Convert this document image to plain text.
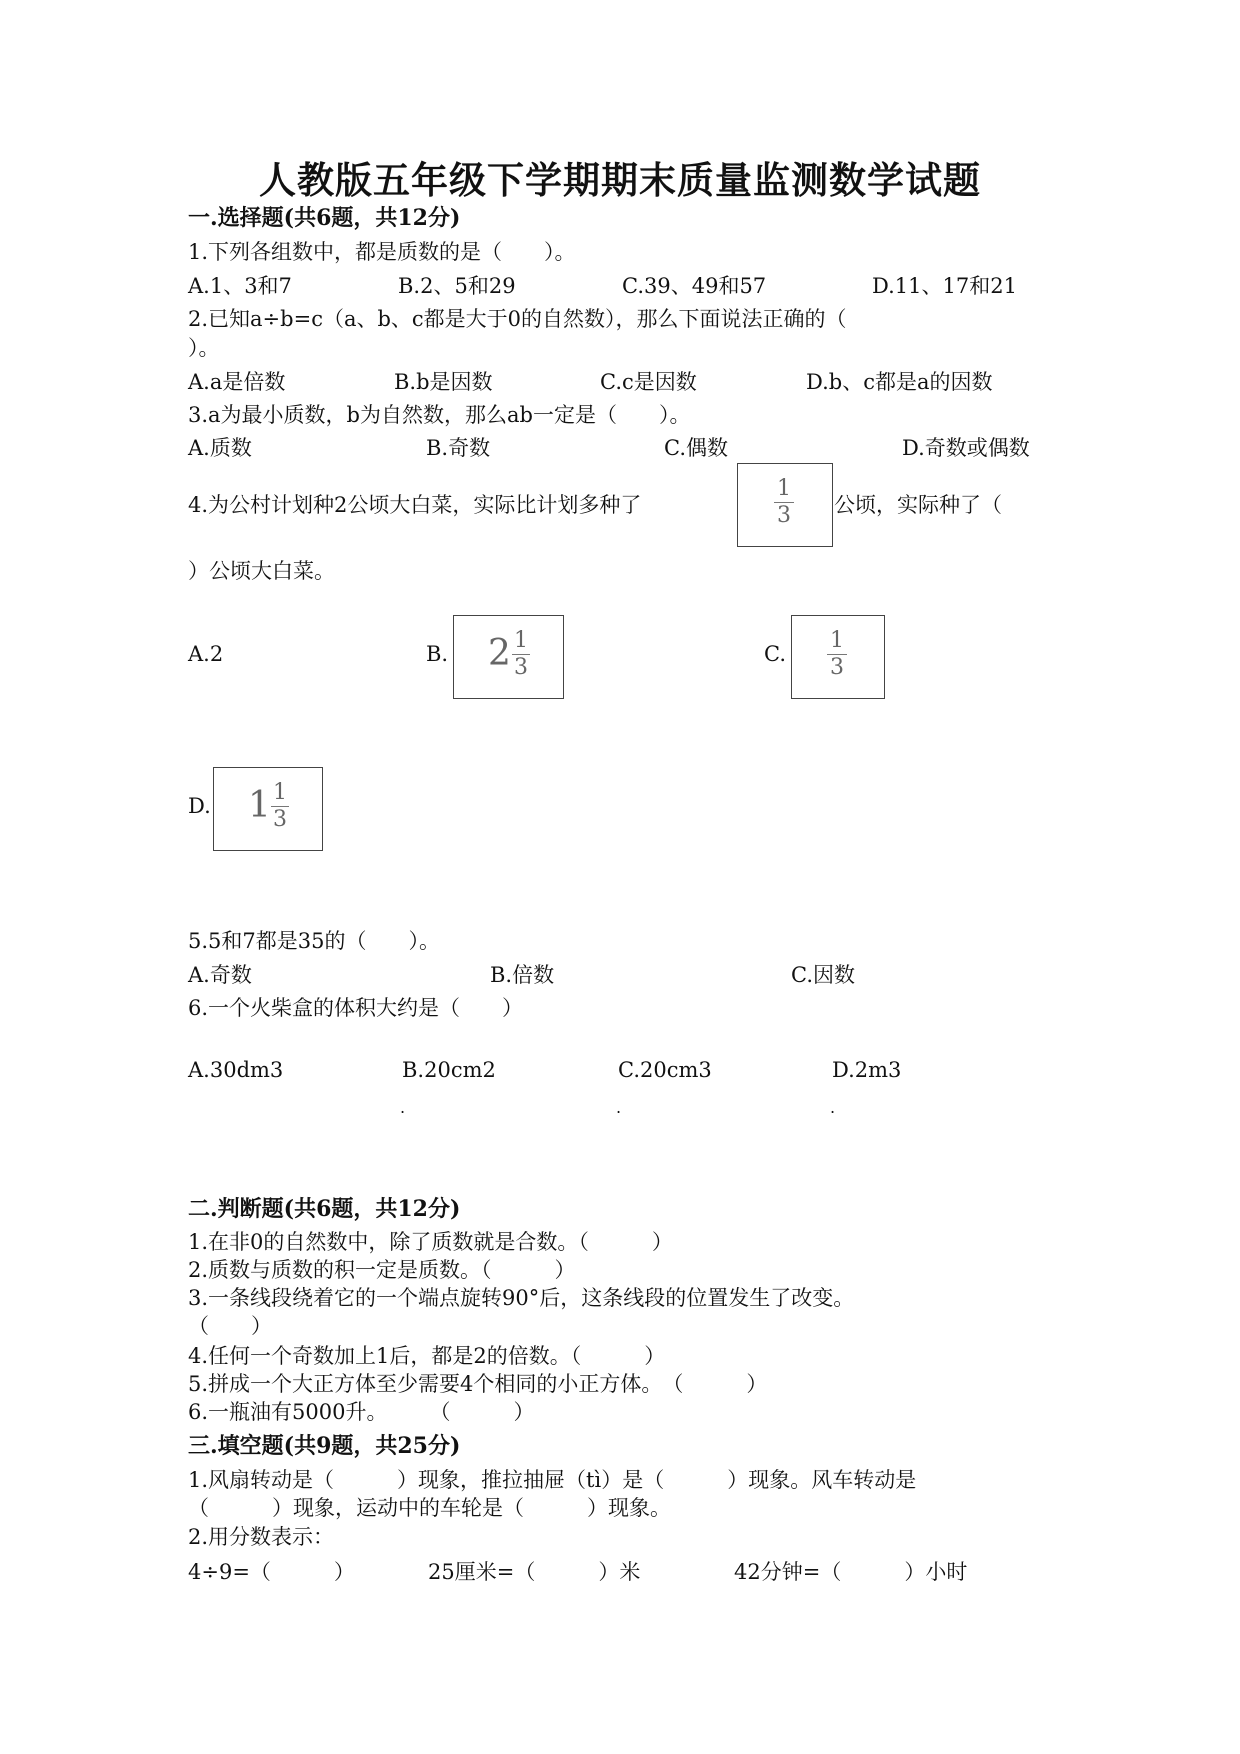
人教版五年级下学期期末质量监测数学试题
一.选择题(共6题，共12分)
1.下列各组数中，都是质数的是（　　）。
A.1、3和7	B.2、5和29	C.39、49和57	D.11、17和21
2.已知a÷b=c（a、b、c都是大于0的自然数），那么下面说法正确的（
）。
A.a是倍数	B.b是因数	C.c是因数	D.b、c都是a的因数
3.a为最小质数，b为自然数，那么ab一定是（　　）。
A.质数	B.奇数	C.偶数	D.奇数或偶数
4.为公村计划种2公顷大白菜，实际比计划多种了
1
3 公顷，实际种了（
）公顷大白菜。
A.2	B. 2 1
3
C.
1
3
D. 1 1
3
5.5和7都是35的（　　）。
A.奇数	B.倍数	C.因数
6.一个火柴盒的体积大约是（　　）
A.30dm3	B.20cm2	C.20cm3	D.2m3
.	.	.
二.判断题(共6题，共12分)
1.在非0的自然数中，除了质数就是合数。（　　　）
2.质数与质数的积一定是质数。（　　　）
3.一条线段绕着它的一个端点旋转90°后，这条线段的位置发生了改变。
（　　）
4.任何一个奇数加上1后，都是2的倍数。（　　　）
5.拼成一个大正方体至少需要4个相同的小正方体。　（　　　）
6.一瓶油有5000升。　　　（　　　）
三.填空题(共9题，共25分)
1.风扇转动是（　　　）现象，推拉抽屉（tì）是（　　　）现象。风车转动是
（　　　）现象，运动中的车轮是（　　　）现象。
2.用分数表示：
4÷9=（　　　）	25厘米=（　　　）米	42分钟=（　　　）小时
